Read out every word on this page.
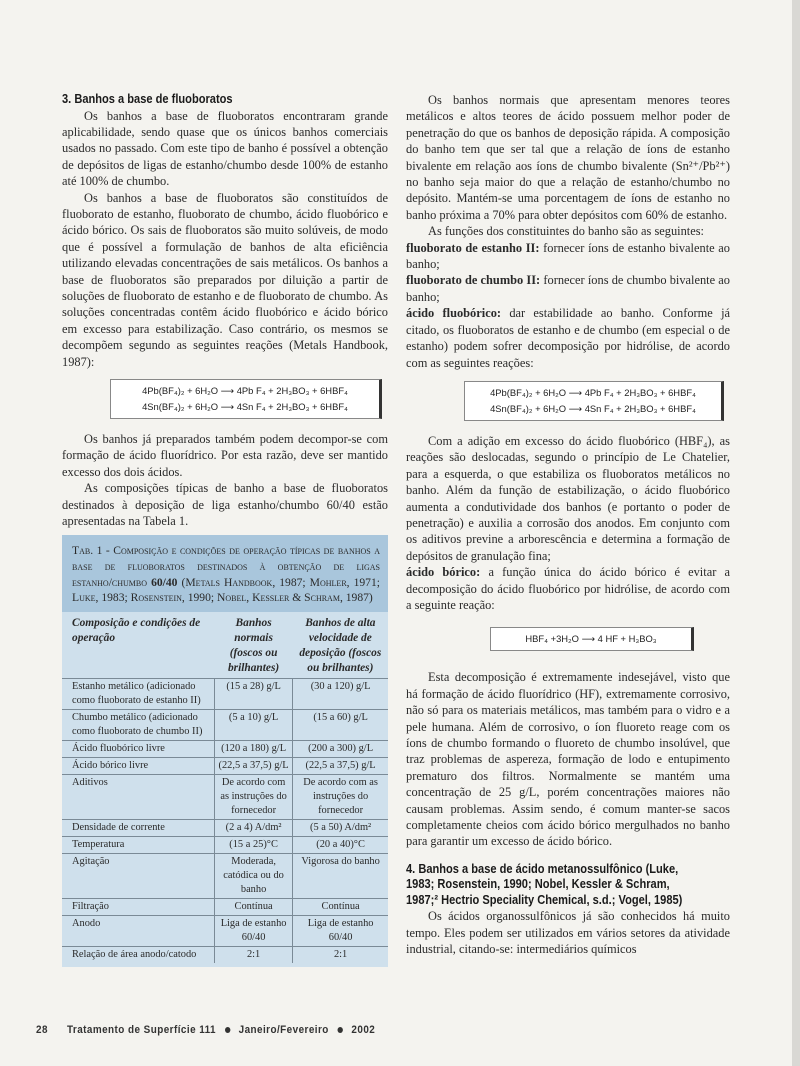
3. Banhos a base de fluoboratos

Os banhos a base de fluoboratos encontraram grande aplicabilidade, sendo quase que os únicos banhos comerciais usados no passado. Com este tipo de banho é possível a obtenção de depósitos de ligas de estanho/chumbo desde 100% de estanho até 100% de chumbo.

Os banhos a base de fluoboratos são constituídos de fluoborato de estanho, fluoborato de chumbo, ácido fluobórico e ácido bórico. Os sais de fluoboratos são muito solúveis, de modo que é possível a formulação de banhos de alta eficiência utilizando elevadas concentrações de sais metálicos. Os banhos a base de fluoboratos são preparados por diluição a partir de soluções de fluoborato de estanho e de fluoborato de chumbo. As soluções concentradas contêm ácido fluobórico e ácido bórico em excesso para estabilização. Caso contrário, os mesmos se decompõem segundo as seguintes reações (Metals Handbook, 1987):

4Pb(BF₄)₂ + 6H₂O ⟶ 4Pb F₄ + 2H₃BO₃ + 6HBF₄
4Sn(BF₄)₂ + 6H₂O ⟶ 4Sn F₄ + 2H₃BO₃ + 6HBF₄

Os banhos já preparados também podem decompor-se com formação de ácido fluorídrico. Por esta razão, deve ser mantido excesso dos dois ácidos.

As composições típicas de banho a base de fluoboratos destinados à deposição de liga estanho/chumbo 60/40 estão apresentadas na Tabela 1.

Tab. 1 - Composição e condições de operação típicas de banhos a base de fluoboratos destinados à obtenção de ligas estanho/chumbo 60/40 (Metals Handbook, 1987; Mohler, 1971; Luke, 1983; Rosenstein, 1990; Nobel, Kessler & Schram, 1987)
Composição e condições de operação	Banhos normais (foscos ou brilhantes)	Banhos de alta velocidade de deposição (foscos ou brilhantes)
Estanho metálico (adicionado como fluoborato de estanho II)	(15 a 28) g/L	(30 a 120) g/L
Chumbo metálico (adicionado como fluoborato de chumbo II)	(5 a 10) g/L	(15 a 60) g/L
Ácido fluobórico livre	(120 a 180) g/L	(200 a 300) g/L
Ácido bórico livre	(22,5 a 37,5) g/L	(22,5 a 37,5) g/L
Aditivos	De acordo com as instruções do fornecedor	De acordo com as instruções do fornecedor
Densidade de corrente	(2 a 4) A/dm²	(5 a 50) A/dm²
Temperatura	(15 a 25)°C	(20 a 40)°C
Agitação	Moderada, catódica ou do banho	Vigorosa do banho
Filtração	Contínua	Contínua
Anodo	Liga de estanho 60/40	Liga de estanho 60/40
Relação de área anodo/catodo	2:1	2:1

Os banhos normais que apresentam menores teores metálicos e altos teores de ácido possuem melhor poder de penetração do que os banhos de deposição rápida. A composição do banho tem que ser tal que a relação de íons de estanho bivalente em relação aos íons de chumbo bivalente (Sn²⁺/Pb²⁺) no banho seja maior do que a relação de estanho/chumbo no depósito. Mantém-se uma porcentagem de íons de estanho no banho próxima a 70% para obter depósitos com 60% de estanho.

As funções dos constituintes do banho são as seguintes:

fluoborato de estanho II: fornecer íons de estanho bivalente ao banho;

fluoborato de chumbo II: fornecer íons de chumbo bivalente ao banho;

ácido fluobórico: dar estabilidade ao banho. Conforme já citado, os fluoboratos de estanho e de chumbo (em especial o de estanho) podem sofrer decomposição por hidrólise, de acordo com as seguintes reações:

4Pb(BF₄)₂ + 6H₂O ⟶ 4Pb F₄ + 2H₃BO₃ + 6HBF₄
4Sn(BF₄)₂ + 6H₂O ⟶ 4Sn F₄ + 2H₃BO₃ + 6HBF₄

Com a adição em excesso do ácido fluobórico (HBF₄), as reações são deslocadas, segundo o princípio de Le Chatelier, para a esquerda, o que estabiliza os fluoboratos metálicos no banho. Além da função de estabilização, o ácido fluobórico aumenta a condutividade dos banhos (e portanto o poder de penetração) e auxilia a corrosão dos anodos. Em conjunto com os aditivos previne a arborescência e determina a formação de depósitos de granulação fina;

ácido bórico: a função única do ácido bórico é evitar a decomposição do ácido fluobórico por hidrólise, de acordo com a seguinte reação:

HBF₄ +3H₂O ⟶ 4 HF + H₃BO₃

Esta decomposição é extremamente indesejável, visto que há formação de ácido fluorídrico (HF), extremamente corrosivo, não só para os materiais metálicos, mas também para o vidro e a pele humana. Além de corrosivo, o íon fluoreto reage com os íons de chumbo formando o fluoreto de chumbo insolúvel, que traz problemas de aspereza, formação de lodo e entupimento prematuro dos filtros. Normalmente se mantém uma concentração de 25 g/L, porém concentrações maiores não causam problemas. Assim sendo, é comum manter-se sacos completamente cheios com ácido bórico mergulhados no banho para garantir um excesso de ácido bórico.

4. Banhos a base de ácido metanossulfônico (Luke, 1983; Rosenstein, 1990; Nobel, Kessler & Schram, 1987;² Hectrio Speciality Chemical, s.d.; Vogel, 1985)

Os ácidos organossulfônicos já são conhecidos há muito tempo. Eles podem ser utilizados em vários setores da atividade industrial, citando-se: intermediários químicos

28 Tratamento de Superfície 111 Janeiro/Fevereiro 2002
